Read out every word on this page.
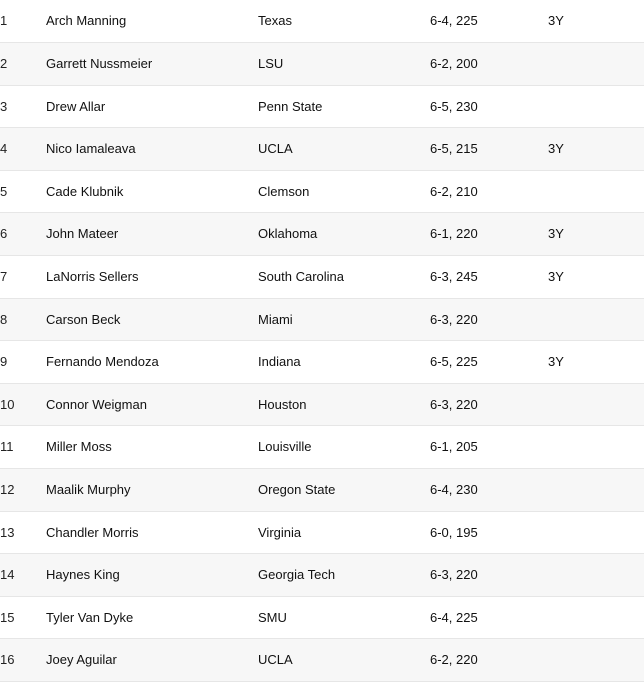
1	Arch Manning	Texas	6-4, 225	3Y
2	Garrett Nussmeier	LSU	6-2, 200	
3	Drew Allar	Penn State	6-5, 230	
4	Nico Iamaleava	UCLA	6-5, 215	3Y
5	Cade Klubnik	Clemson	6-2, 210	
6	John Mateer	Oklahoma	6-1, 220	3Y
7	LaNorris Sellers	South Carolina	6-3, 245	3Y
8	Carson Beck	Miami	6-3, 220	
9	Fernando Mendoza	Indiana	6-5, 225	3Y
10	Connor Weigman	Houston	6-3, 220	
11	Miller Moss	Louisville	6-1, 205	
12	Maalik Murphy	Oregon State	6-4, 230	
13	Chandler Morris	Virginia	6-0, 195	
14	Haynes King	Georgia Tech	6-3, 220	
15	Tyler Van Dyke	SMU	6-4, 225	
16	Joey Aguilar	UCLA	6-2, 220	
